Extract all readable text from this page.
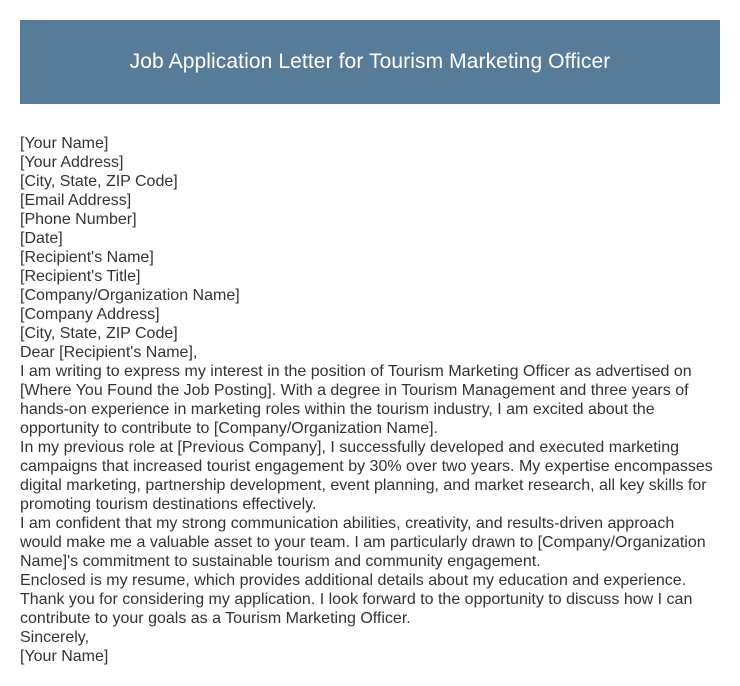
Job Application Letter for Tourism Marketing Officer
[Your Name]
[Your Address]
[City, State, ZIP Code]
[Email Address]
[Phone Number]
[Date]
[Recipient's Name]
[Recipient's Title]
[Company/Organization Name]
[Company Address]
[City, State, ZIP Code]
Dear [Recipient's Name],
I am writing to express my interest in the position of Tourism Marketing Officer as advertised on
[Where You Found the Job Posting]. With a degree in Tourism Management and three years of
hands-on experience in marketing roles within the tourism industry, I am excited about the
opportunity to contribute to [Company/Organization Name].
In my previous role at [Previous Company], I successfully developed and executed marketing
campaigns that increased tourist engagement by 30% over two years. My expertise encompasses
digital marketing, partnership development, event planning, and market research, all key skills for
promoting tourism destinations effectively.
I am confident that my strong communication abilities, creativity, and results-driven approach
would make me a valuable asset to your team. I am particularly drawn to [Company/Organization
Name]'s commitment to sustainable tourism and community engagement.
Enclosed is my resume, which provides additional details about my education and experience.
Thank you for considering my application. I look forward to the opportunity to discuss how I can
contribute to your goals as a Tourism Marketing Officer.
Sincerely,
[Your Name]
